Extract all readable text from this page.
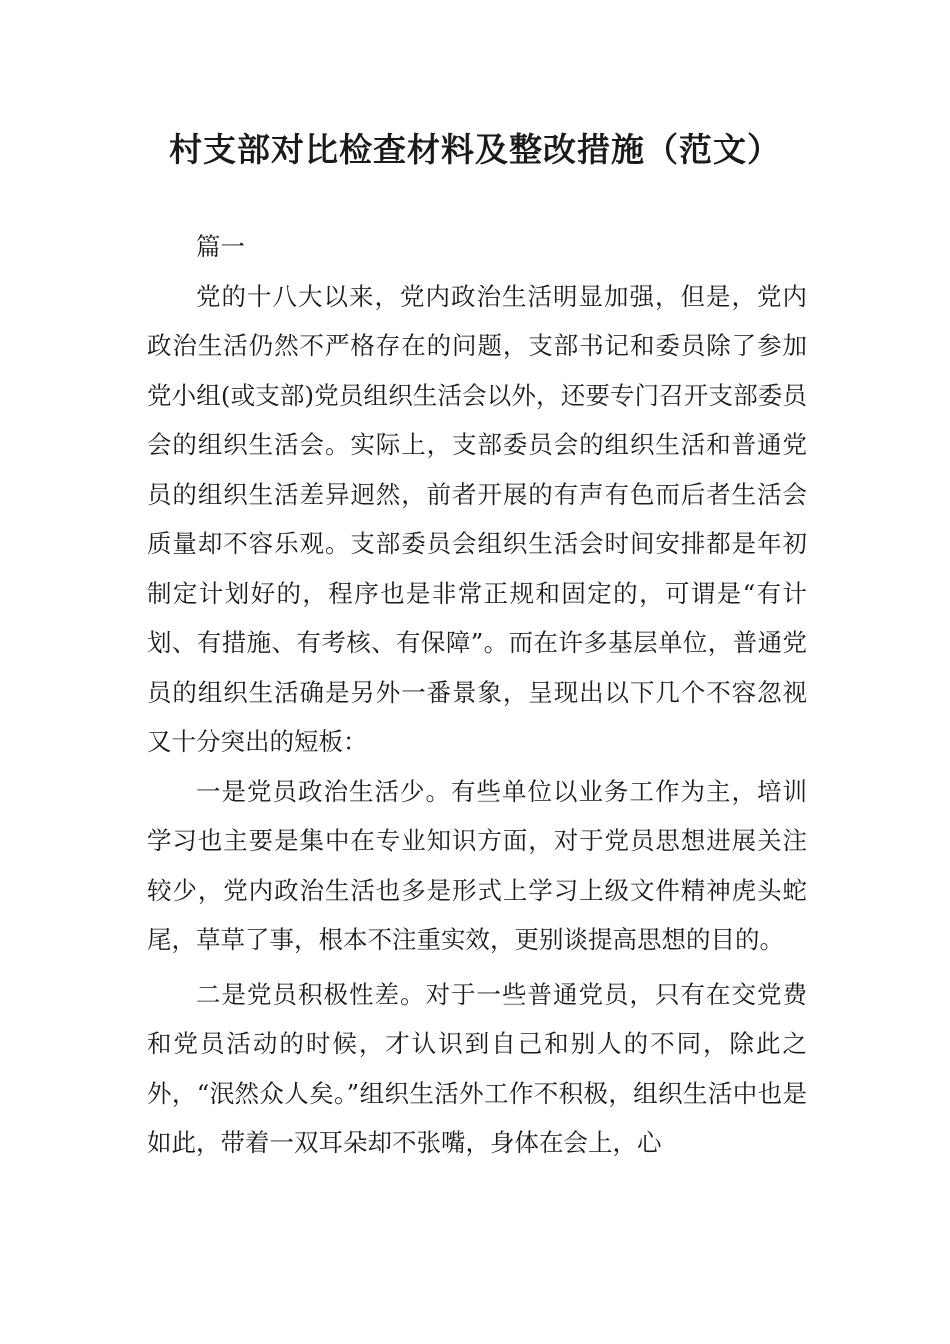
村支部对比检查材料及整改措施（范文）

篇一

党的十八大以来，党内政治生活明显加强，但是，党内政治生活仍然不严格存在的问题，支部书记和委员除了参加党小组(或支部)党员组织生活会以外，还要专门召开支部委员会的组织生活会。实际上，支部委员会的组织生活和普通党员的组织生活差异迥然，前者开展的有声有色而后者生活会质量却不容乐观。支部委员会组织生活会时间安排都是年初制定计划好的，程序也是非常正规和固定的，可谓是“有计划、有措施、有考核、有保障”。而在许多基层单位，普通党员的组织生活确是另外一番景象，呈现出以下几个不容忽视又十分突出的短板：

一是党员政治生活少。有些单位以业务工作为主，培训学习也主要是集中在专业知识方面，对于党员思想进展关注较少，党内政治生活也多是形式上学习上级文件精神虎头蛇尾，草草了事，根本不注重实效，更别谈提高思想的目的。

二是党员积极性差。对于一些普通党员，只有在交党费和党员活动的时候，才认识到自己和别人的不同，除此之外，“泯然众人矣。”组织生活外工作不积极，组织生活中也是如此，带着一双耳朵却不张嘴，身体在会上，心
